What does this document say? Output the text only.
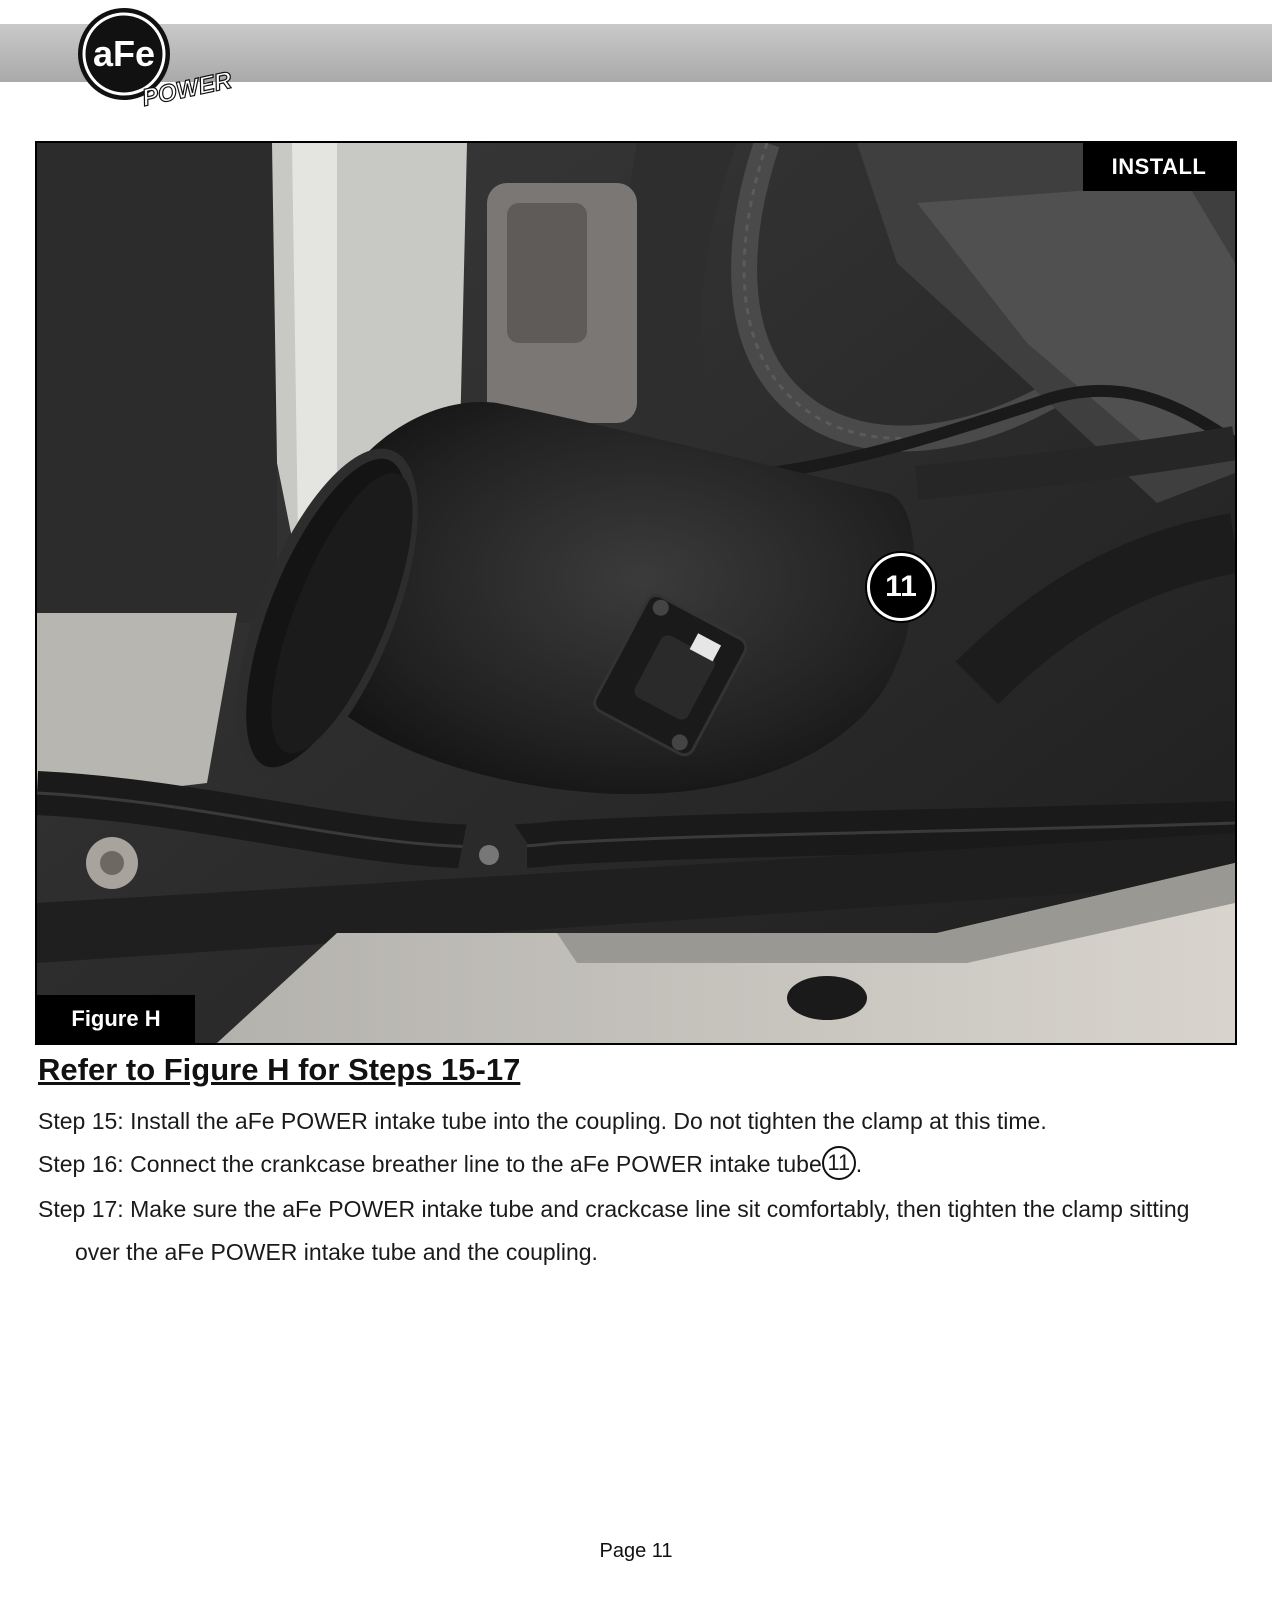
aFe
POWER
INSTALL
Figure H
11
Refer to Figure H for Steps 15-17

Step 15: Install the aFe POWER intake tube into the coupling. Do not tighten the clamp at this time.

Step 16: Connect the crankcase breather line to the aFe POWER intake tube 11 .

Step 17: Make sure the aFe POWER intake tube and crackcase line sit comfortably, then tighten the clamp sitting over the aFe POWER intake tube and the coupling.

Page 11
